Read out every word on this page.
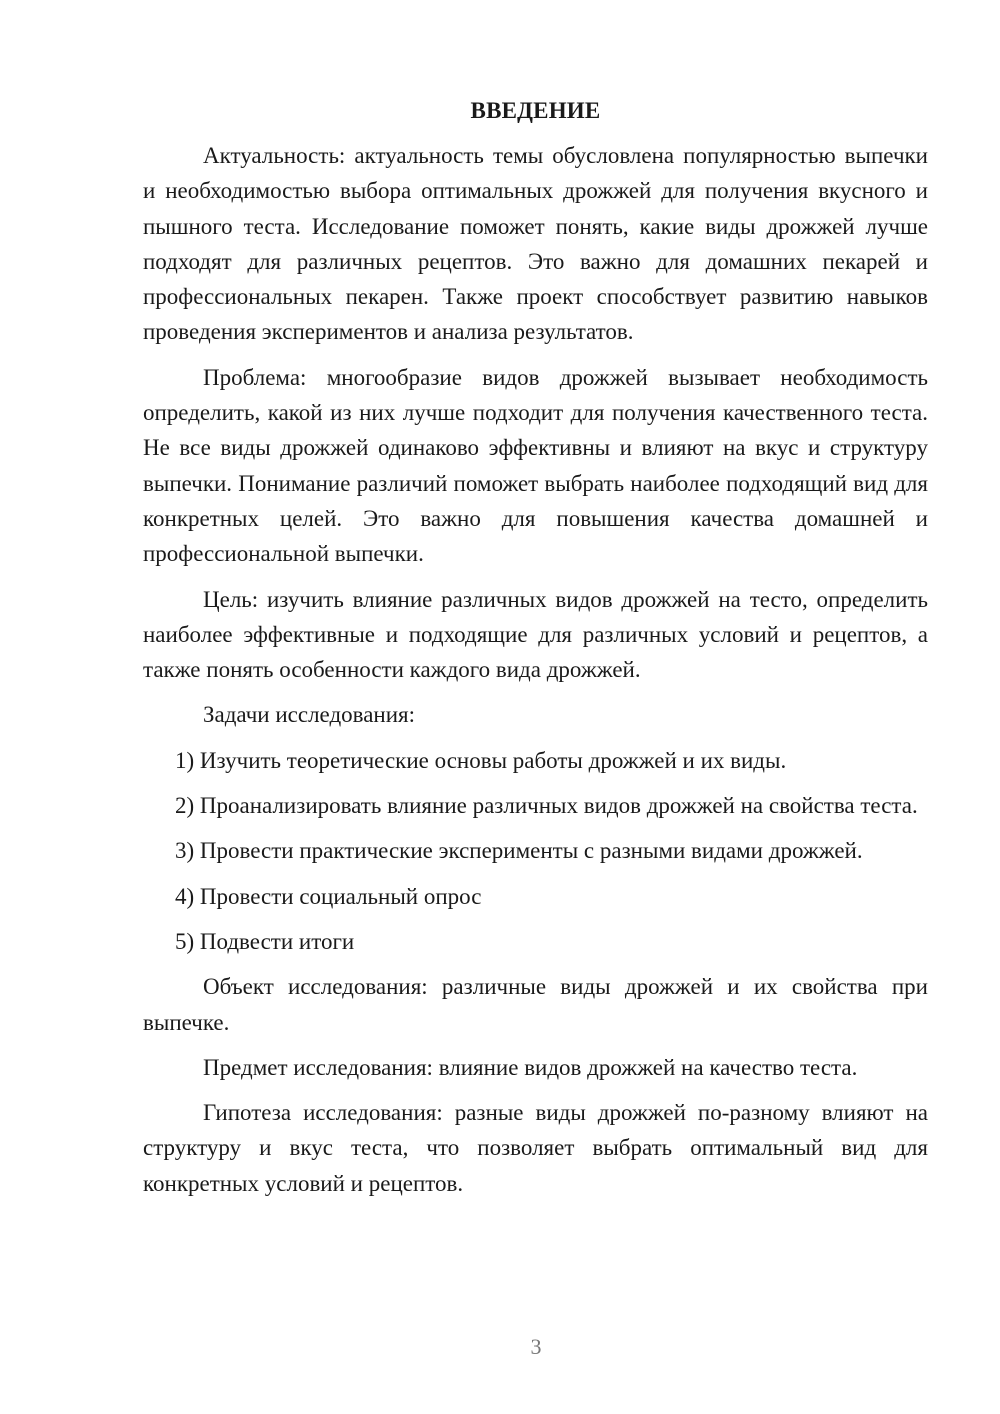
ВВЕДЕНИЕ

Актуальность: актуальность темы обусловлена популярностью выпечки и необходимостью выбора оптимальных дрожжей для получения вкусного и пышного теста. Исследование поможет понять, какие виды дрожжей лучше подходят для различных рецептов. Это важно для домашних пекарей и профессиональных пекарен. Также проект способствует развитию навыков проведения экспериментов и анализа результатов.

Проблема: многообразие видов дрожжей вызывает необходимость определить, какой из них лучше подходит для получения качественного теста. Не все виды дрожжей одинаково эффективны и влияют на вкус и структуру выпечки. Понимание различий поможет выбрать наиболее подходящий вид для конкретных целей. Это важно для повышения качества домашней и профессиональной выпечки.

Цель: изучить влияние различных видов дрожжей на тесто, определить наиболее эффективные и подходящие для различных условий и рецептов, а также понять особенности каждого вида дрожжей.

Задачи исследования:

1) Изучить теоретические основы работы дрожжей и их виды.

2) Проанализировать влияние различных видов дрожжей на свойства теста.

3) Провести практические эксперименты с разными видами дрожжей.

4) Провести социальный опрос

5) Подвести итоги

Объект исследования: различные виды дрожжей и их свойства при выпечке.

Предмет исследования: влияние видов дрожжей на качество теста.

Гипотеза исследования: разные виды дрожжей по-разному влияют на структуру и вкус теста, что позволяет выбрать оптимальный вид для конкретных условий и рецептов.

3
